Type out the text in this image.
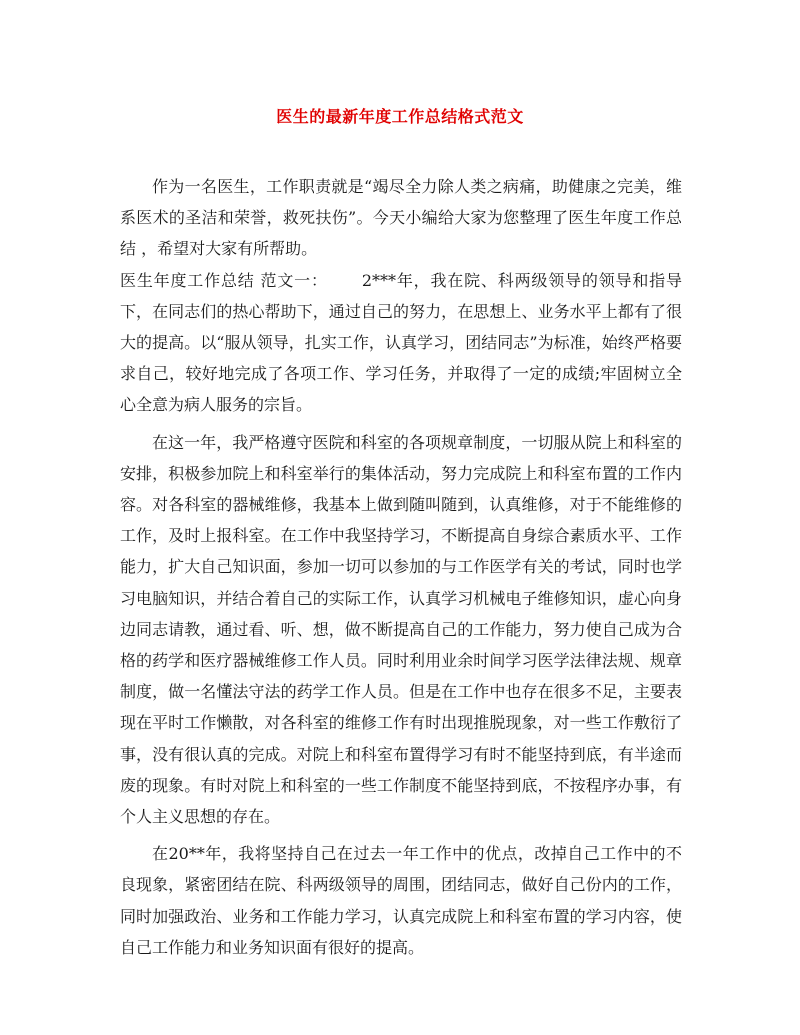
医生的最新年度工作总结格式范文

作为一名医生，工作职责就是“竭尽全力除人类之病痛，助健康之完美，维系医术的圣洁和荣誉，救死扶伤”。今天小编给大家为您整理了医生年度工作总结 ，希望对大家有所帮助。

医生年度工作总结 范文一： 2***年，我在院、科两级领导的领导和指导下，在同志们的热心帮助下，通过自己的努力，在思想上、业务水平上都有了很大的提高。以“服从领导，扎实工作，认真学习，团结同志”为标准，始终严格要求自己，较好地完成了各项工作、学习任务，并取得了一定的成绩;牢固树立全心全意为病人服务的宗旨。

在这一年，我严格遵守医院和科室的各项规章制度，一切服从院上和科室的安排，积极参加院上和科室举行的集体活动，努力完成院上和科室布置的工作内容。对各科室的器械维修，我基本上做到随叫随到，认真维修，对于不能维修的工作，及时上报科室。在工作中我坚持学习，不断提高自身综合素质水平、工作能力，扩大自己知识面，参加一切可以参加的与工作医学有关的考试，同时也学习电脑知识，并结合着自己的实际工作，认真学习机械电子维修知识，虚心向身边同志请教，通过看、听、想，做不断提高自己的工作能力，努力使自己成为合格的药学和医疗器械维修工作人员。同时利用业余时间学习医学法律法规、规章制度，做一名懂法守法的药学工作人员。但是在工作中也存在很多不足，主要表现在平时工作懒散，对各科室的维修工作有时出现推脱现象，对一些工作敷衍了事，没有很认真的完成。对院上和科室布置得学习有时不能坚持到底，有半途而废的现象。有时对院上和科室的一些工作制度不能坚持到底，不按程序办事，有个人主义思想的存在。

在20**年，我将坚持自己在过去一年工作中的优点，改掉自己工作中的不良现象，紧密团结在院、科两级领导的周围，团结同志，做好自己份内的工作，同时加强政治、业务和工作能力学习，认真完成院上和科室布置的学习内容，使自己工作能力和业务知识面有很好的提高。
